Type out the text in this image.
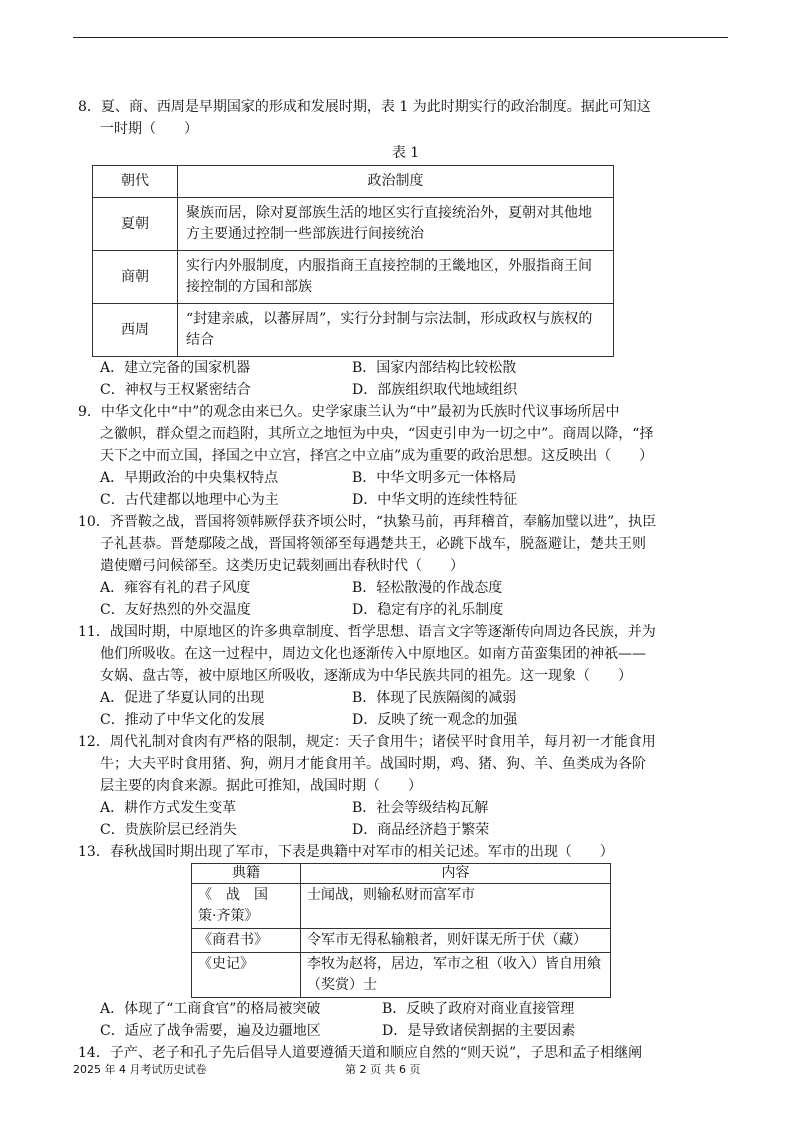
8．夏、商、西周是早期国家的形成和发展时期，表 1 为此时期实行的政治制度。据此可知这
一时期（　　）
表 1
朝代	政治制度
夏朝	聚族而居，除对夏部族生活的地区实行直接统治外，夏朝对其他地方主要通过控制一些部族进行间接统治
商朝	实行内外服制度，内服指商王直接控制的王畿地区，外服指商王间接控制的方国和部族
西周	“封建亲戚，以蕃屏周”，实行分封制与宗法制，形成政权与族权的结合
A．建立完备的国家机器	B．国家内部结构比较松散
C．神权与王权紧密结合	D．部族组织取代地域组织
9．中华文化中“中”的观念由来已久。史学家康兰认为“中”最初为氏族时代议事场所居中
之徽帜，群众望之而趋附，其所立之地恒为中央，“因吏引申为一切之中”。商周以降，“择
天下之中而立国，择国之中立宫，择宫之中立庙”成为重要的政治思想。这反映出（　　）
A．早期政治的中央集权特点	B．中华文明多元一体格局
C．古代建都以地理中心为主	D．中华文明的连续性特征
10．齐晋鞍之战，晋国将领韩厥俘获齐顷公时，“执絷马前，再拜稽首，奉觞加璧以进”，执臣
子礼甚恭。晋楚鄢陵之战，晋国将领郤至每遇楚共王，必跳下战车，脱盔避让，楚共王则
遣使赠弓问候郤至。这类历史记载刻画出春秋时代（　　）
A．雍容有礼的君子风度	B．轻松散漫的作战态度
C．友好热烈的外交温度	D．稳定有序的礼乐制度
11．战国时期，中原地区的许多典章制度、哲学思想、语言文字等逐渐传向周边各民族，并为
他们所吸收。在这一过程中，周边文化也逐渐传入中原地区。如南方苗蛮集团的神祇——
女娲、盘古等，被中原地区所吸收，逐渐成为中华民族共同的祖先。这一现象（　　）
A．促进了华夏认同的出现	B．体现了民族隔阂的减弱
C．推动了中华文化的发展	D．反映了统一观念的加强
12．周代礼制对食肉有严格的限制，规定：天子食用牛；诸侯平时食用羊，每月初一才能食用
牛；大夫平时食用猪、狗，朔月才能食用羊。战国时期，鸡、猪、狗、羊、鱼类成为各阶
层主要的肉食来源。据此可推知，战国时期（　　）
A．耕作方式发生变革	B．社会等级结构瓦解
C．贵族阶层已经消失	D．商品经济趋于繁荣
13．春秋战国时期出现了军市，下表是典籍中对军市的相关记述。军市的出现（　　）
典籍	内容
《　战　国
策·齐策》	士闻战，则输私财而富军市
《商君书》	令军市无得私输粮者，则奸谋无所于伏（藏）
《史记》	李牧为赵将，居边，军市之租（收入）皆自用飨（奖赏）士
A．体现了“工商食官”的格局被突破	B．反映了政府对商业直接管理
C．适应了战争需要，遍及边疆地区	D．是导致诸侯割据的主要因素
14．子产、老子和孔子先后倡导人道要遵循天道和顺应自然的“则天说”，子思和孟子相继阐
2025 年 4 月考试历史试卷	第 2 页 共 6 页
